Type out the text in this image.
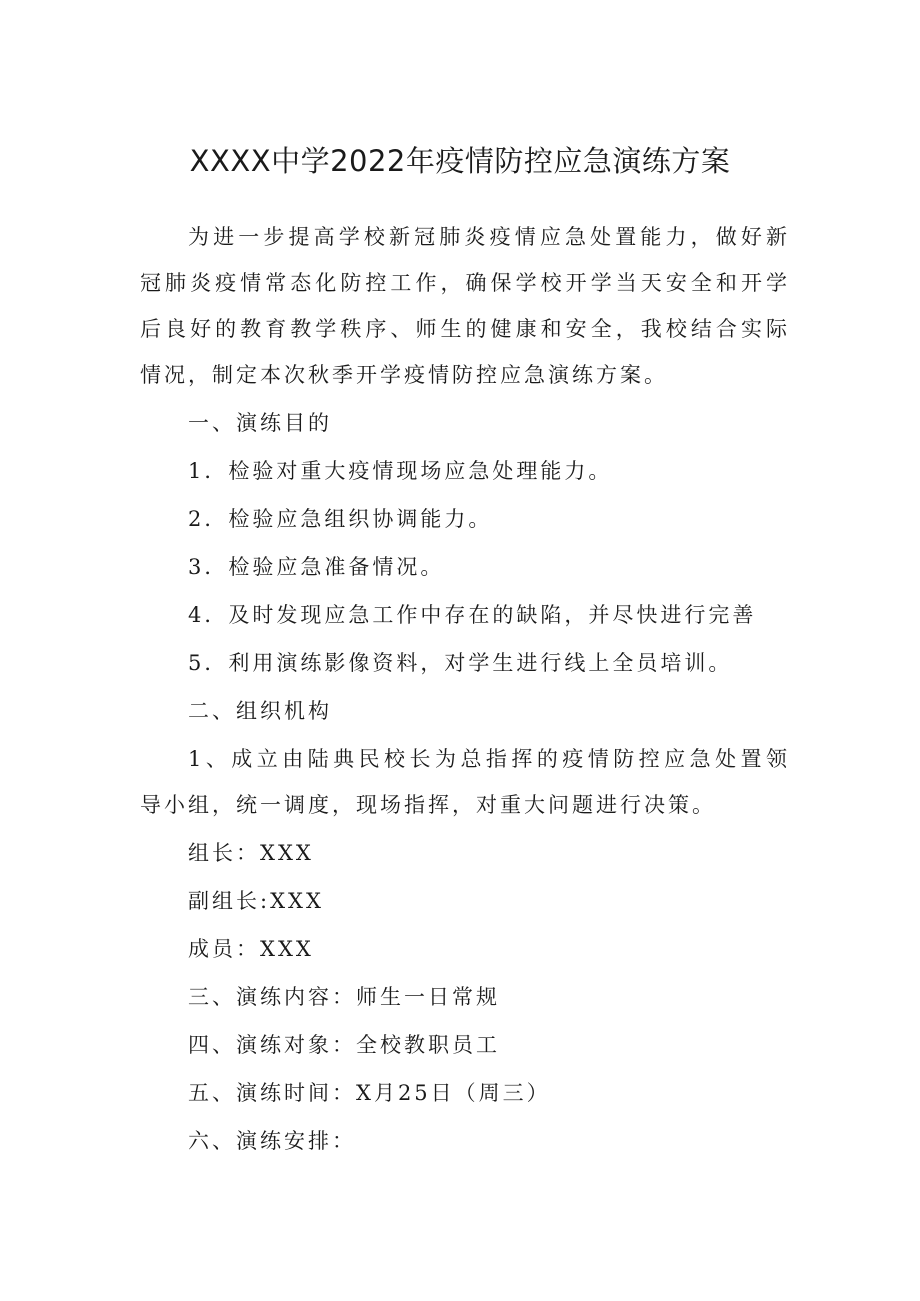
XXXX中学2022年疫情防控应急演练方案

为进一步提高学校新冠肺炎疫情应急处置能力，做好新 冠肺炎疫情常态化防控工作，确保学校开学当天安全和开学 后良好的教育教学秩序、师生的健康和安全，我校结合实际 情况，制定本次秋季开学疫情防控应急演练方案。

一、演练目的
1．检验对重大疫情现场应急处理能力。
2．检验应急组织协调能力。
3．检验应急准备情况。
4．及时发现应急工作中存在的缺陷，并尽快进行完善
5．利用演练影像资料，对学生进行线上全员培训。
二、组织机构

1、成立由陆典民校长为总指挥的疫情防控应急处置领 导小组，统一调度，现场指挥，对重大问题进行决策。

组长：XXX
副组长:XXX
成员：XXX
三、演练内容：师生一日常规
四、演练对象：全校教职员工
五、演练时间：X月25日（周三）
六、演练安排：
